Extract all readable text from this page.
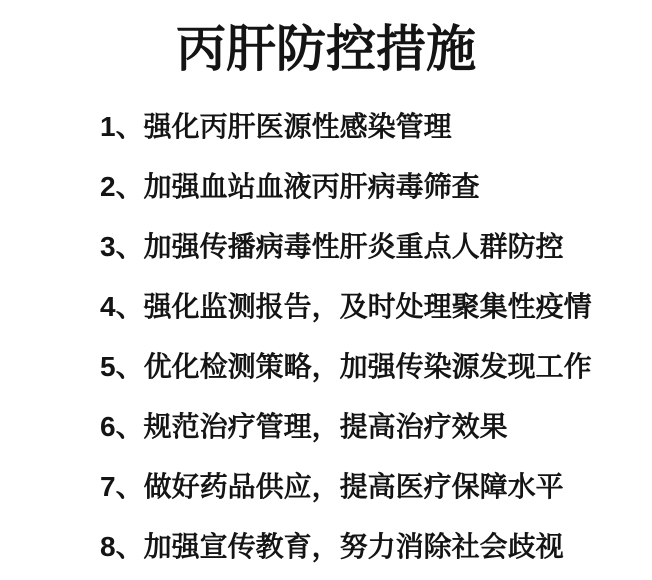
丙肝防控措施
1、 强化丙肝医源性感染管理
2、 加强血站血液丙肝病毒筛查
3、 加强传播病毒性肝炎重点人群防控
4、 强化监测报告，及时处理聚集性疫情
5、 优化检测策略，加强传染源发现工作
6、 规范治疗管理，提高治疗效果
7、 做好药品供应，提高医疗保障水平
8、 加强宣传教育，努力消除社会歧视
